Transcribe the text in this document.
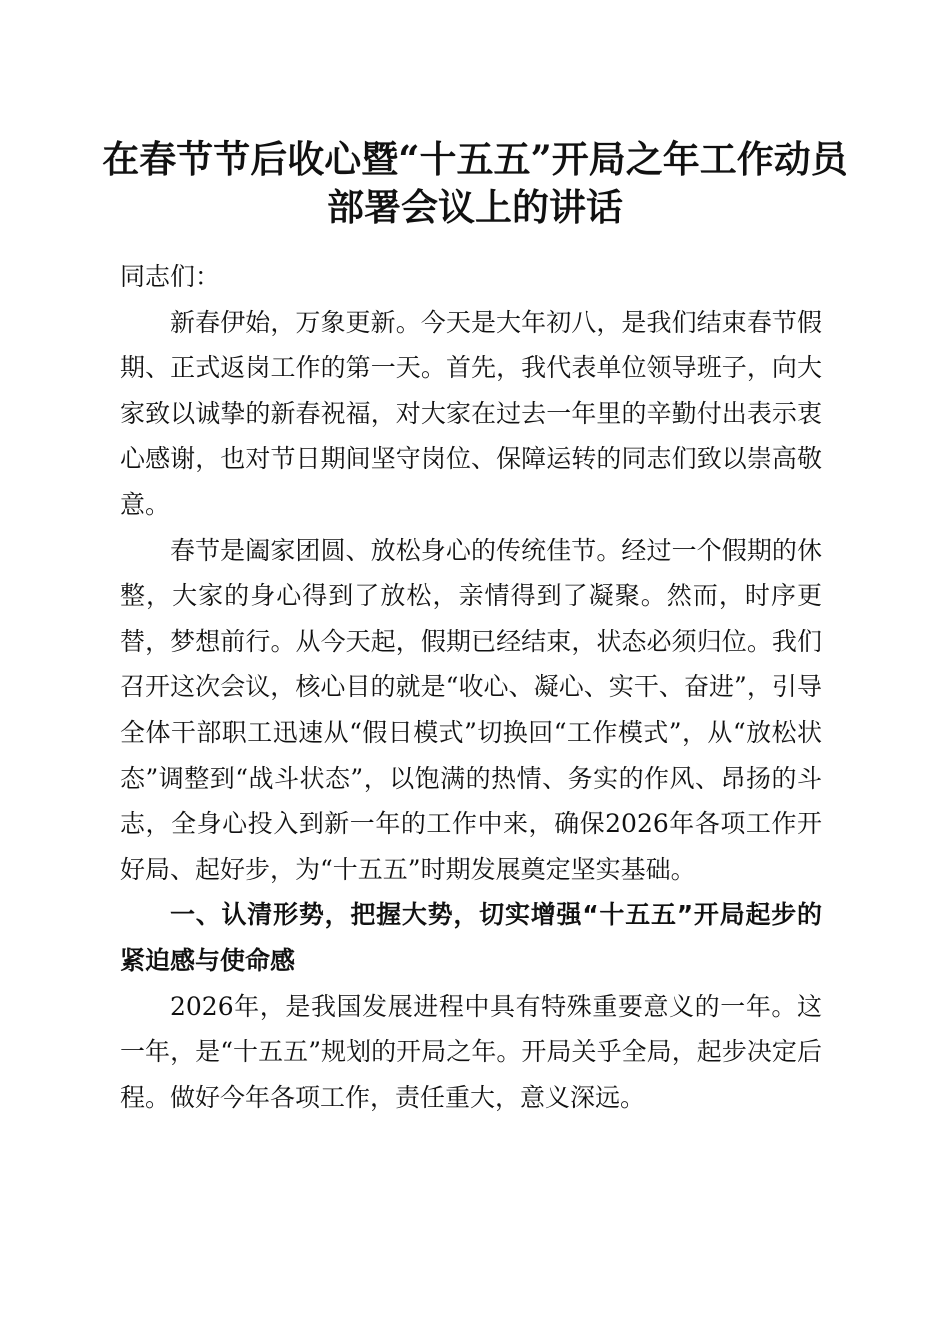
在春节节后收心暨“十五五”开局之年工作动员部署会议上的讲话

同志们：

新春伊始，万象更新。今天是大年初八，是我们结束春节假期、正式返岗工作的第一天。首先，我代表单位领导班子，向大家致以诚挚的新春祝福，对大家在过去一年里的辛勤付出表示衷心感谢，也对节日期间坚守岗位、保障运转的同志们致以崇高敬意。

春节是阖家团圆、放松身心的传统佳节。经过一个假期的休整，大家的身心得到了放松，亲情得到了凝聚。然而，时序更替，梦想前行。从今天起，假期已经结束，状态必须归位。我们召开这次会议，核心目的就是“收心、凝心、实干、奋进”，引导全体干部职工迅速从“假日模式”切换回“工作模式”，从“放松状态”调整到“战斗状态”，以饱满的热情、务实的作风、昂扬的斗志，全身心投入到新一年的工作中来，确保2026年各项工作开好局、起好步，为“十五五”时期发展奠定坚实基础。

一、认清形势，把握大势，切实增强“十五五”开局起步的紧迫感与使命感

2026年，是我国发展进程中具有特殊重要意义的一年。这一年，是“十五五”规划的开局之年。开局关乎全局，起步决定后程。做好今年各项工作，责任重大，意义深远。
